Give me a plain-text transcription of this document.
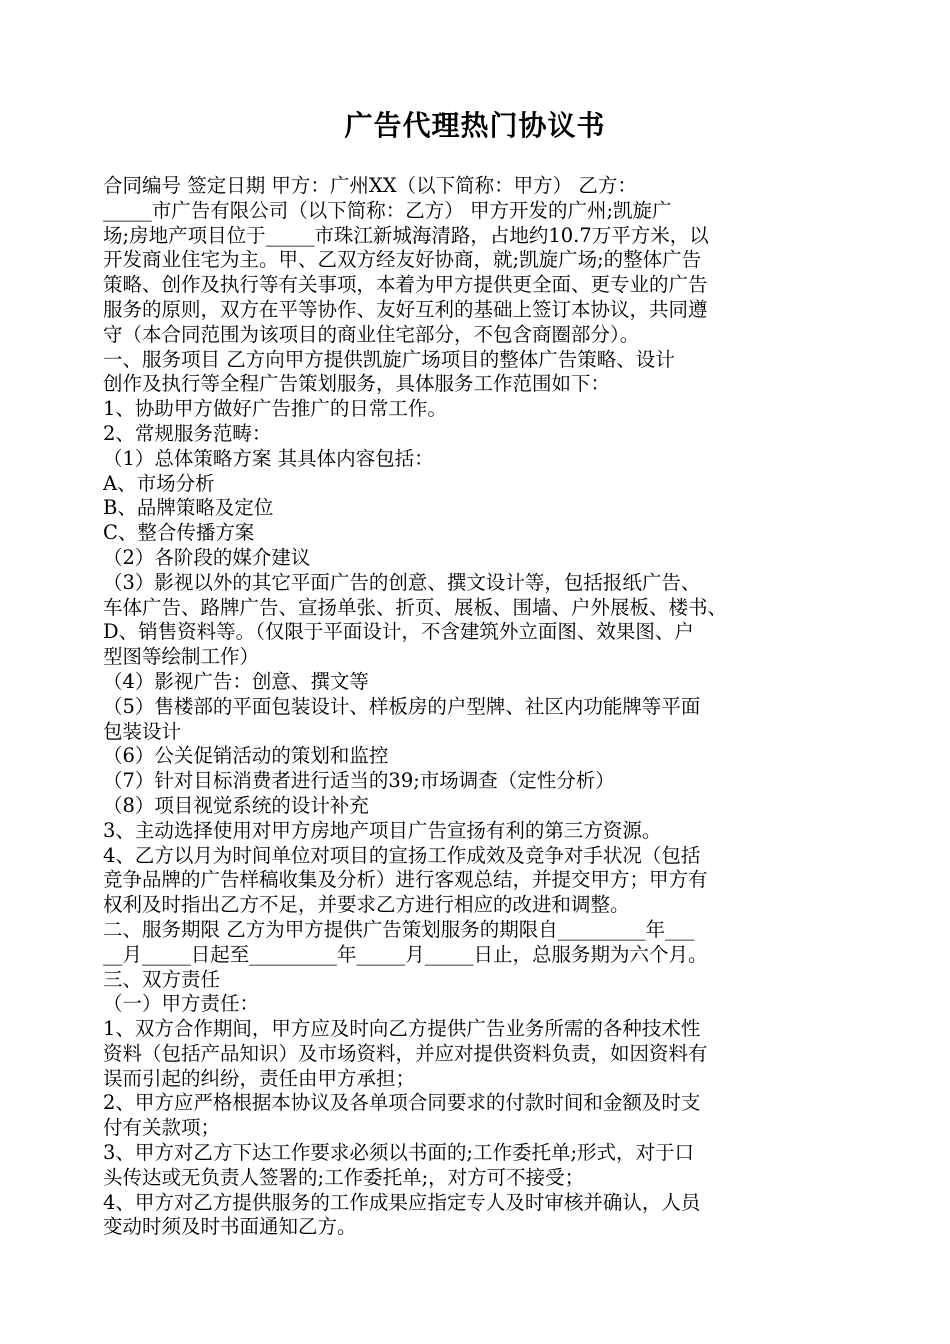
广告代理热门协议书
合同编号 签定日期 甲方：广州XX（以下简称：甲方） 乙方：
_____市广告有限公司（以下简称：乙方） 甲方开发的广州;凯旋广
场;房地产项目位于_____市珠江新城海清路，占地约10.7万平方米，以
开发商业住宅为主。甲、乙双方经友好协商，就;凯旋广场;的整体广告
策略、创作及执行等有关事项，本着为甲方提供更全面、更专业的广告
服务的原则，双方在平等协作、友好互利的基础上签订本协议，共同遵
守（本合同范围为该项目的商业住宅部分，不包含商圈部分）。
一、服务项目 乙方向甲方提供凯旋广场项目的整体广告策略、设计
创作及执行等全程广告策划服务，具体服务工作范围如下：
1、协助甲方做好广告推广的日常工作。
2、常规服务范畴：
（1）总体策略方案 其具体内容包括：
A、市场分析
B、品牌策略及定位
C、整合传播方案
（2）各阶段的媒介建议
（3）影视以外的其它平面广告的创意、撰文设计等，包括报纸广告、
车体广告、路牌广告、宣扬单张、折页、展板、围墙、户外展板、楼书、
D、销售资料等。（仅限于平面设计，不含建筑外立面图、效果图、户
型图等绘制工作）
（4）影视广告：创意、撰文等
（5）售楼部的平面包装设计、样板房的户型牌、社区内功能牌等平面
包装设计
（6）公关促销活动的策划和监控
（7）针对目标消费者进行适当的39;市场调查（定性分析）
（8）项目视觉系统的设计补充
3、主动选择使用对甲方房地产项目广告宣扬有利的第三方资源。
4、乙方以月为时间单位对项目的宣扬工作成效及竞争对手状况（包括
竞争品牌的广告样稿收集及分析）进行客观总结，并提交甲方；甲方有
权利及时指出乙方不足，并要求乙方进行相应的改进和调整。
二、服务期限 乙方为甲方提供广告策划服务的期限自_________年___
__月_____日起至_________年_____月_____日止，总服务期为六个月。
三、双方责任
（一）甲方责任：
1、双方合作期间，甲方应及时向乙方提供广告业务所需的各种技术性
资料（包括产品知识）及市场资料，并应对提供资料负责，如因资料有
误而引起的纠纷，责任由甲方承担；
2、甲方应严格根据本协议及各单项合同要求的付款时间和金额及时支
付有关款项；
3、甲方对乙方下达工作要求必须以书面的;工作委托单;形式，对于口
头传达或无负责人签署的;工作委托单;，对方可不接受；
4、甲方对乙方提供服务的工作成果应指定专人及时审核并确认，人员
变动时须及时书面通知乙方。
